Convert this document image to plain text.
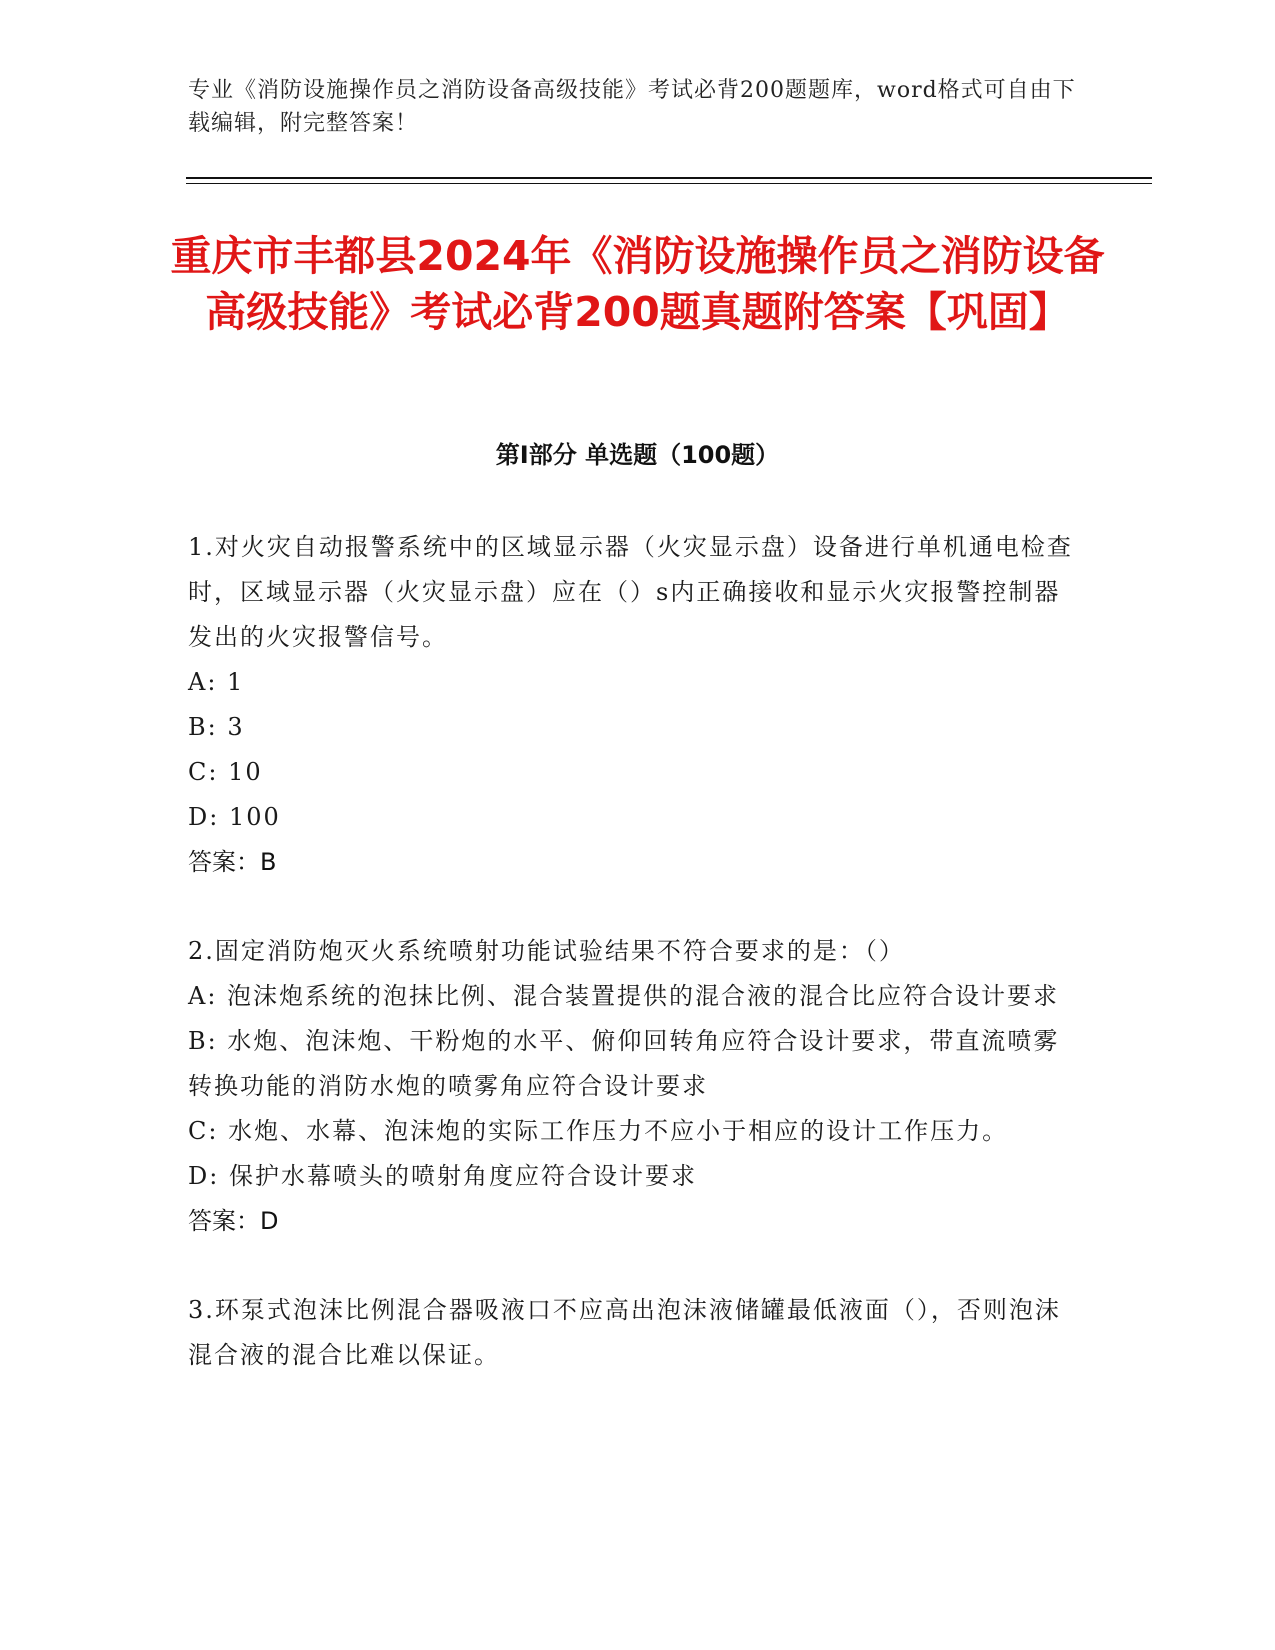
专业《消防设施操作员之消防设备高级技能》考试必背200题题库，word格式可自由下载编辑，附完整答案！
重庆市丰都县2024年《消防设施操作员之消防设备高级技能》考试必背200题真题附答案【巩固】
第I部分 单选题（100题）
1.对火灾自动报警系统中的区域显示器（火灾显示盘）设备进行单机通电检查时，区域显示器（火灾显示盘）应在（）s内正确接收和显示火灾报警控制器发出的火灾报警信号。
A: 1
B: 3
C: 10
D: 100
答案：B
2.固定消防炮灭火系统喷射功能试验结果不符合要求的是：（）
A: 泡沫炮系统的泡抹比例、混合装置提供的混合液的混合比应符合设计要求
B: 水炮、泡沫炮、干粉炮的水平、俯仰回转角应符合设计要求，带直流喷雾转换功能的消防水炮的喷雾角应符合设计要求
C: 水炮、水幕、泡沫炮的实际工作压力不应小于相应的设计工作压力。
D: 保护水幕喷头的喷射角度应符合设计要求
答案：D
3.环泵式泡沫比例混合器吸液口不应高出泡沫液储罐最低液面（），否则泡沫混合液的混合比难以保证。
